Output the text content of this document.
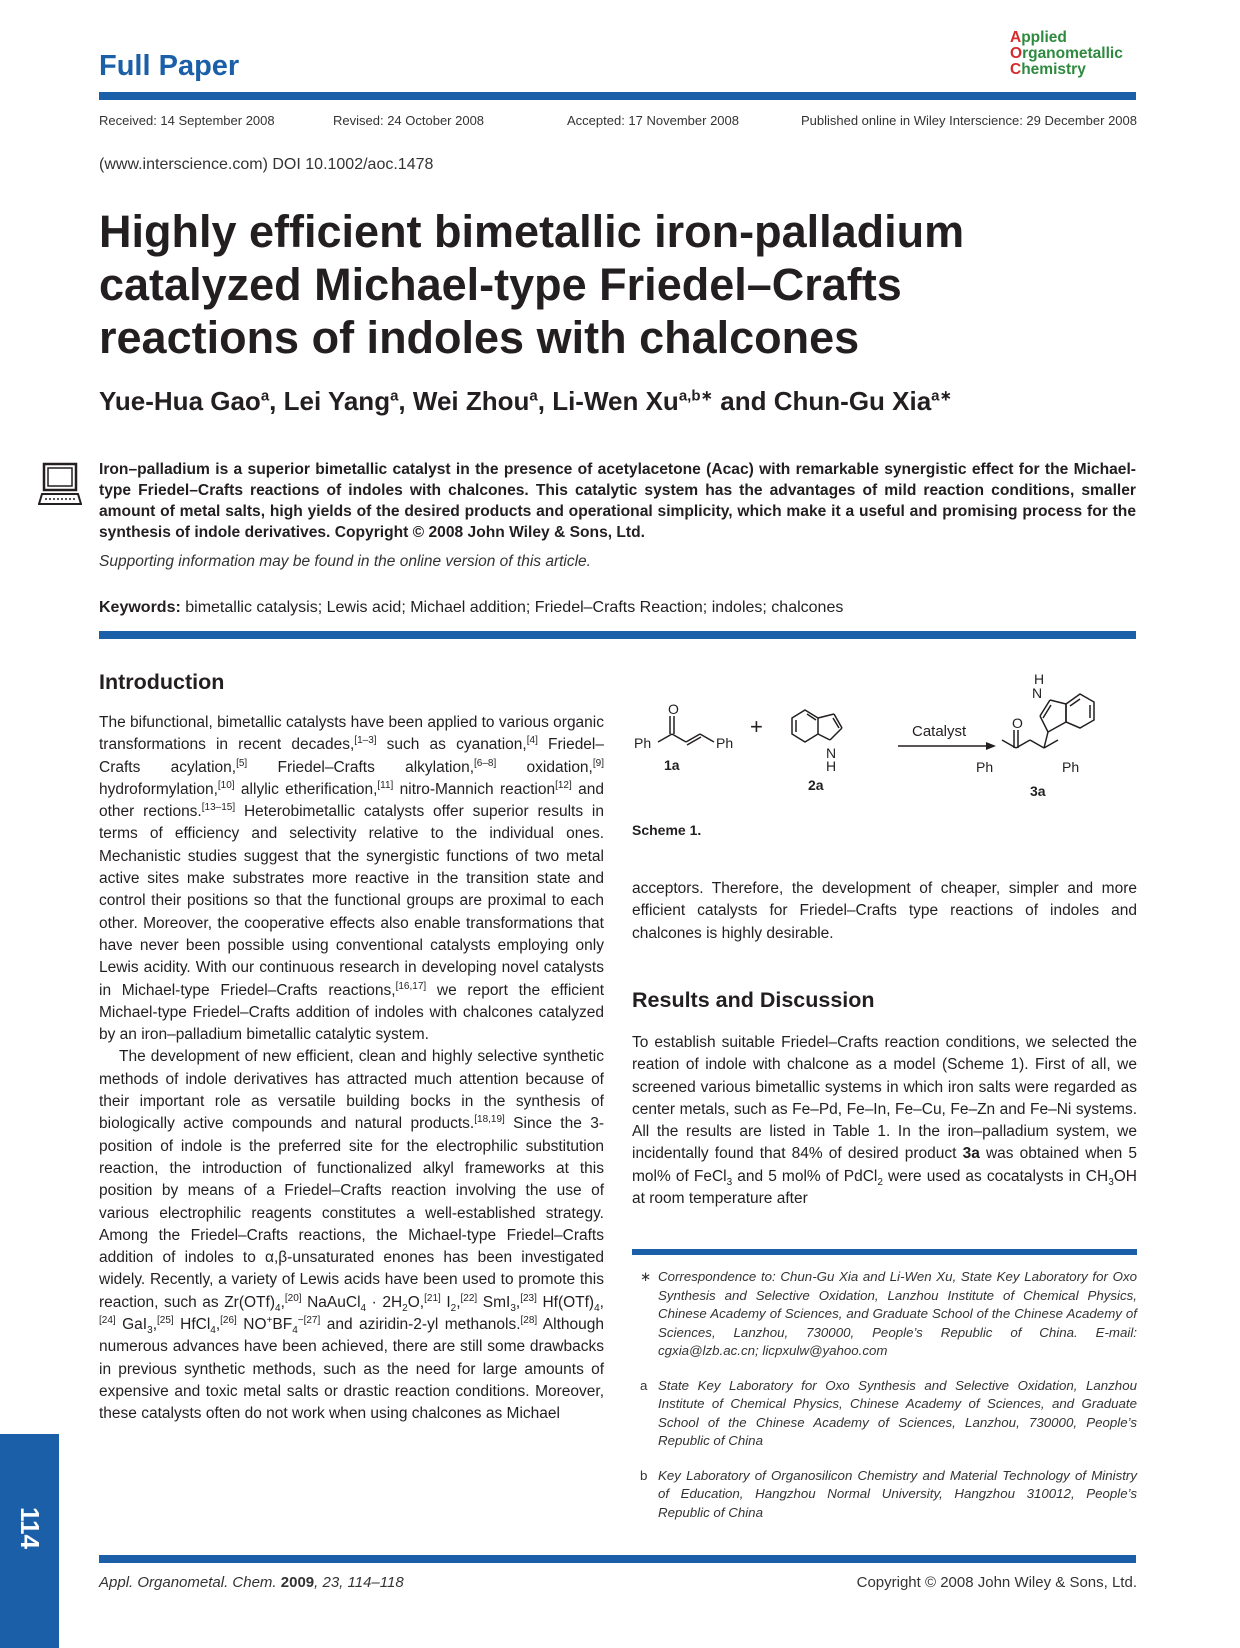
Full Paper
Applied
Organometallic
Chemistry
Received: 14 September 2008	Revised: 24 October 2008	Accepted: 17 November 2008	Published online in Wiley Interscience: 29 December 2008
(www.interscience.com) DOI 10.1002/aoc.1478
Highly efficient bimetallic iron-palladium catalyzed Michael-type Friedel–Crafts reactions of indoles with chalcones
Yue-Hua Gao$^a$, Lei Yang$^a$, Wei Zhou$^a$, Li-Wen $Xu^{a,b∗}$ and Chun-Gu Xia$^{a∗}$

Iron–palladium is a superior bimetallic catalyst in the presence of acetylacetone (Acac) with remarkable synergistic effect for the Michael-type Friedel–Crafts reactions of indoles with chalcones. This catalytic system has the advantages of mild reaction conditions, smaller amount of metal salts, high yields of the desired products and operational simplicity, which make it a useful and promising process for the synthesis of indole derivatives. Copyright © 2008 John Wiley & Sons, Ltd.

Supporting information may be found in the online version of this article.
Keywords: bimetallic catalysis; Lewis acid; Michael addition; Friedel–Crafts Reaction; indoles; chalcones
Introduction

The bifunctional, bimetallic catalysts have been applied to various organic transformations in recent decades,[1–3] such as cyanation,[4] Friedel–Crafts acylation,[5] Friedel–Crafts alkylation,[6–8] oxidation,[9] hydroformylation,[10] allylic etherification,[11] nitro-Mannich reaction[12] and other rections.[13–15] Heterobimetallic catalysts offer superior results in terms of efficiency and selectivity relative to the individual ones. Mechanistic studies suggest that the synergistic functions of two metal active sites make substrates more reactive in the transition state and control their positions so that the functional groups are proximal to each other. Moreover, the cooperative effects also enable transformations that have never been possible using conventional catalysts employing only Lewis acidity. With our continuous research in developing novel catalysts in Michael-type Friedel–Crafts reactions,[16,17] we report the efficient Michael-type Friedel–Crafts addition of indoles with chalcones catalyzed by an iron–palladium bimetallic catalytic system.

The development of new efficient, clean and highly selective synthetic methods of indole derivatives has attracted much attention because of their important role as versatile building bocks in the synthesis of biologically active compounds and natural products.[18,19] Since the 3-position of indole is the preferred site for the electrophilic substitution reaction, the introduction of functionalized alkyl frameworks at this position by means of a Friedel–Crafts reaction involving the use of various electrophilic reagents constitutes a well-established strategy. Among the Friedel–Crafts reactions, the Michael-type Friedel–Crafts addition of indoles to α,β-unsaturated enones has been investigated widely. Recently, a variety of Lewis acids have been used to promote this reaction, such as $Zr(OTf)_4,[20]$ NaAuCl$_4$ · $2H_2O,[21]$ $I_2,[22]$ SmI$_3$,[23] $Hf(OTf)_4,[24]$ GaI$_3$,[25] HfCl$_4$,[26] $NO^+BF_4^{-[27]}$ and aziridin-2-yl methanols.[28] Although numerous advances have been achieved, there are still some drawbacks in previous synthetic methods, such as the need for large amounts of expensive and toxic metal salts or drastic reaction conditions. Moreover, these catalysts often do not work when using chalcones as Michael

Ph	Ph
O
1a
+
N
H
2a
Catalyst
Ph	Ph
O
N
H
3a
Scheme 1.
acceptors. Therefore, the development of cheaper, simpler and more efficient catalysts for Friedel–Crafts type reactions of indoles and chalcones is highly desirable.
Results and Discussion

To establish suitable Friedel–Crafts reaction conditions, we selected the reation of indole with chalcone as a model (Scheme 1). First of all, we screened various bimetallic systems in which iron salts were regarded as center metals, such as Fe–Pd, Fe–In, Fe–Cu, Fe–Zn and Fe–Ni systems. All the results are listed in Table 1. In the iron–palladium system, we incidentally found that 84% of desired product 3a was obtained when 5 mol% of FeCl$_3$ and 5 mol% of PdCl$_2$ were used as cocatalysts in $CH_3OH$ at room temperature after

∗ Correspondence to: Chun-Gu Xia and Li-Wen Xu, State Key Laboratory for Oxo Synthesis and Selective Oxidation, Lanzhou Institute of Chemical Physics, Chinese Academy of Sciences, and Graduate School of the Chinese Academy of Sciences, Lanzhou, 730000, People’s Republic of China. E-mail: cgxia@lzb.ac.cn; licpxulw@yahoo.com
a State Key Laboratory for Oxo Synthesis and Selective Oxidation, Lanzhou Institute of Chemical Physics, Chinese Academy of Sciences, and Graduate School of the Chinese Academy of Sciences, Lanzhou, 730000, People’s Republic of China
b Key Laboratory of Organosilicon Chemistry and Material Technology of Ministry of Education, Hangzhou Normal University, Hangzhou 310012, People’s Republic of China
114
Appl. Organometal. Chem. 2009, 23, 114–118	Copyright © 2008 John Wiley & Sons, Ltd.
